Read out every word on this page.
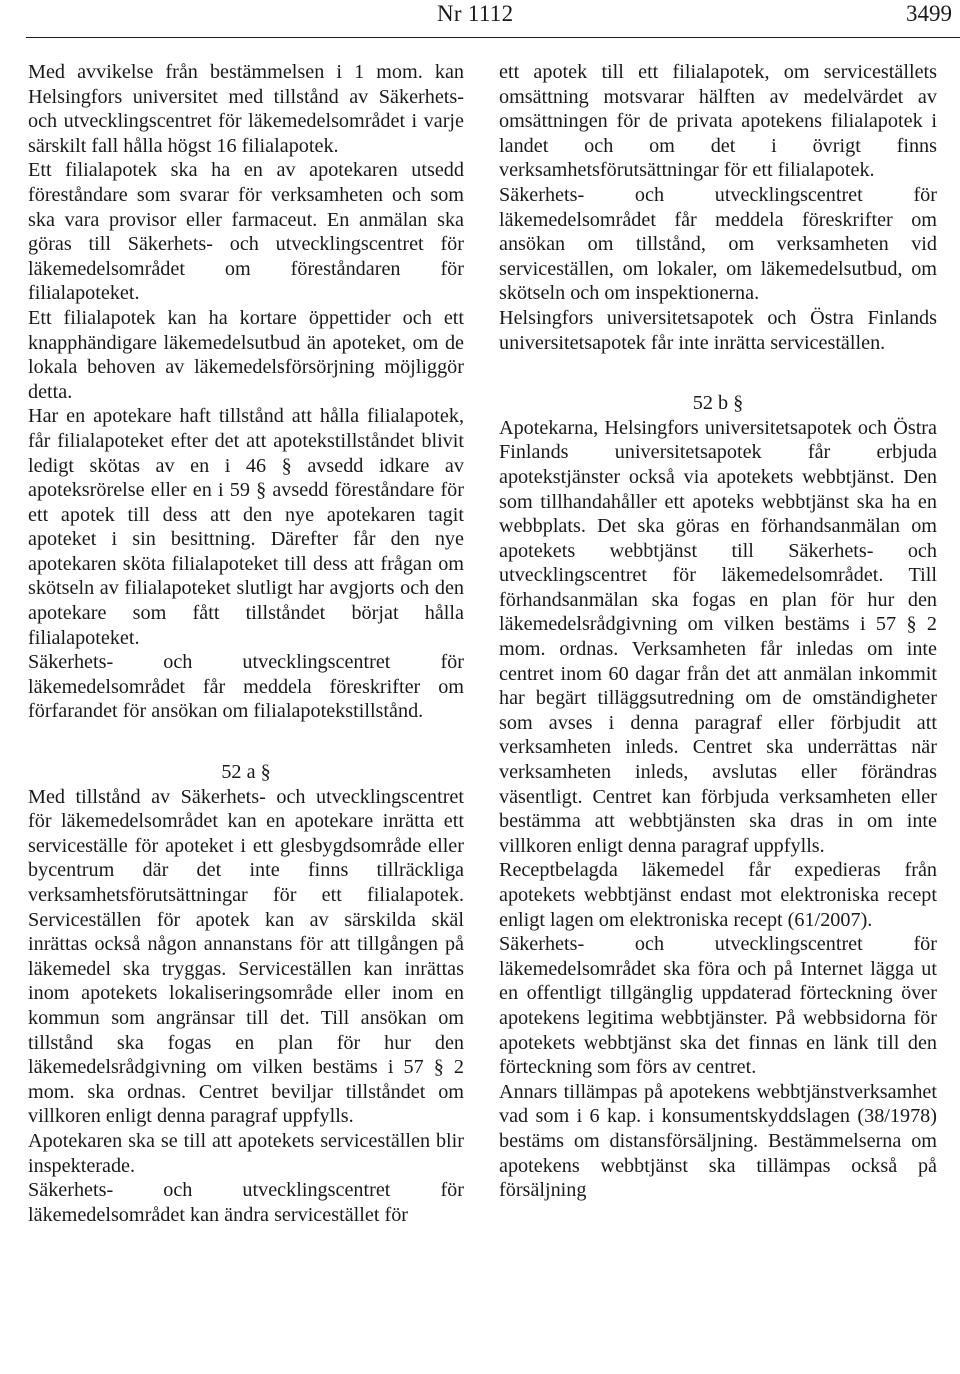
Nr 1112	3499

Med avvikelse från bestämmelsen i 1 mom. kan Helsingfors universitet med tillstånd av Säkerhets- och utvecklingscentret för läkemedelsområdet i varje särskilt fall hålla högst 16 filialapotek.

Ett filialapotek ska ha en av apotekaren utsedd föreståndare som svarar för verksamheten och som ska vara provisor eller farmaceut. En anmälan ska göras till Säkerhets- och utvecklingscentret för läkemedelsområdet om föreståndaren för filialapoteket.

Ett filialapotek kan ha kortare öppettider och ett knapphändigare läkemedelsutbud än apoteket, om de lokala behoven av läkemedelsförsörjning möjliggör detta.

Har en apotekare haft tillstånd att hålla filialapotek, får filialapoteket efter det att apotekstillståndet blivit ledigt skötas av en i 46 § avsedd idkare av apoteksrörelse eller en i 59 § avsedd föreståndare för ett apotek till dess att den nye apotekaren tagit apoteket i sin besittning. Därefter får den nye apotekaren sköta filialapoteket till dess att frågan om skötseln av filialapoteket slutligt har avgjorts och den apotekare som fått tillståndet börjat hålla filialapoteket.

Säkerhets- och utvecklingscentret för läkemedelsområdet får meddela föreskrifter om förfarandet för ansökan om filialapotekstillstånd.

52 a §

Med tillstånd av Säkerhets- och utvecklingscentret för läkemedelsområdet kan en apotekare inrätta ett serviceställe för apoteket i ett glesbygdsområde eller bycentrum där det inte finns tillräckliga verksamhetsförutsättningar för ett filialapotek. Serviceställen för apotek kan av särskilda skäl inrättas också någon annanstans för att tillgången på läkemedel ska tryggas. Serviceställen kan inrättas inom apotekets lokaliseringsområde eller inom en kommun som angränsar till det. Till ansökan om tillstånd ska fogas en plan för hur den läkemedelsrådgivning om vilken bestäms i 57 § 2 mom. ska ordnas. Centret beviljar tillståndet om villkoren enligt denna paragraf uppfylls.

Apotekaren ska se till att apotekets serviceställen blir inspekterade.

Säkerhets- och utvecklingscentret för läkemedelsområdet kan ändra servicestället för

ett apotek till ett filialapotek, om serviceställets omsättning motsvarar hälften av medelvärdet av omsättningen för de privata apotekens filialapotek i landet och om det i övrigt finns verksamhetsförutsättningar för ett filialapotek.

Säkerhets- och utvecklingscentret för läkemedelsområdet får meddela föreskrifter om ansökan om tillstånd, om verksamheten vid serviceställen, om lokaler, om läkemedelsutbud, om skötseln och om inspektionerna.

Helsingfors universitetsapotek och Östra Finlands universitetsapotek får inte inrätta serviceställen.

52 b §

Apotekarna, Helsingfors universitetsapotek och Östra Finlands universitetsapotek får erbjuda apotekstjänster också via apotekets webbtjänst. Den som tillhandahåller ett apoteks webbtjänst ska ha en webbplats. Det ska göras en förhandsanmälan om apotekets webbtjänst till Säkerhets- och utvecklingscentret för läkemedelsområdet. Till förhandsanmälan ska fogas en plan för hur den läkemedelsrådgivning om vilken bestäms i 57 § 2 mom. ordnas. Verksamheten får inledas om inte centret inom 60 dagar från det att anmälan inkommit har begärt tilläggsutredning om de omständigheter som avses i denna paragraf eller förbjudit att verksamheten inleds. Centret ska underrättas när verksamheten inleds, avslutas eller förändras väsentligt. Centret kan förbjuda verksamheten eller bestämma att webbtjänsten ska dras in om inte villkoren enligt denna paragraf uppfylls.

Receptbelagda läkemedel får expedieras från apotekets webbtjänst endast mot elektroniska recept enligt lagen om elektroniska recept (61/2007).

Säkerhets- och utvecklingscentret för läkemedelsområdet ska föra och på Internet lägga ut en offentligt tillgänglig uppdaterad förteckning över apotekens legitima webbtjänster. På webbsidorna för apotekets webbtjänst ska det finnas en länk till den förteckning som förs av centret.

Annars tillämpas på apotekens webbtjänstverksamhet vad som i 6 kap. i konsumentskyddslagen (38/1978) bestäms om distansförsäljning. Bestämmelserna om apotekens webbtjänst ska tillämpas också på försäljning
